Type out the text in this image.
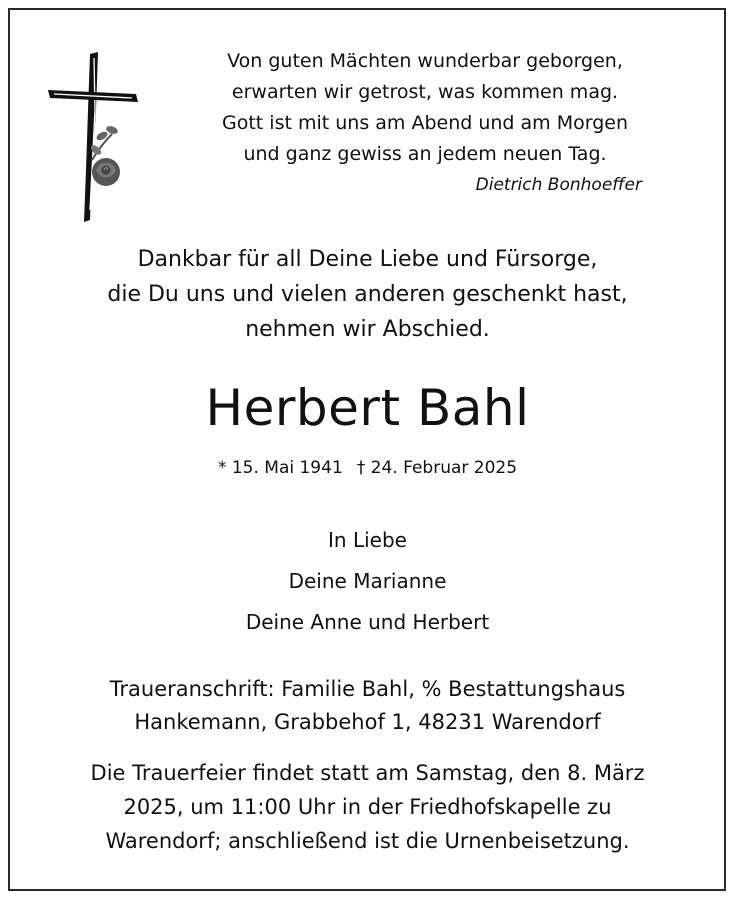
Von guten Mächten wunderbar geborgen,
erwarten wir getrost, was kommen mag.
Gott ist mit uns am Abend und am Morgen
und ganz gewiss an jedem neuen Tag.
Dietrich Bonhoeffer
Dankbar für all Deine Liebe und Fürsorge,
die Du uns und vielen anderen geschenkt hast,
nehmen wir Abschied.
Herbert Bahl
* 15. Mai 1941 † 24. Februar 2025
In Liebe
Deine Marianne
Deine Anne und Herbert
Traueranschrift: Familie Bahl, % Bestattungshaus
Hankemann, Grabbehof 1, 48231 Warendorf
Die Trauerfeier findet statt am Samstag, den 8. März
2025, um 11:00 Uhr in der Friedhofskapelle zu
Warendorf; anschließend ist die Urnenbeisetzung.
